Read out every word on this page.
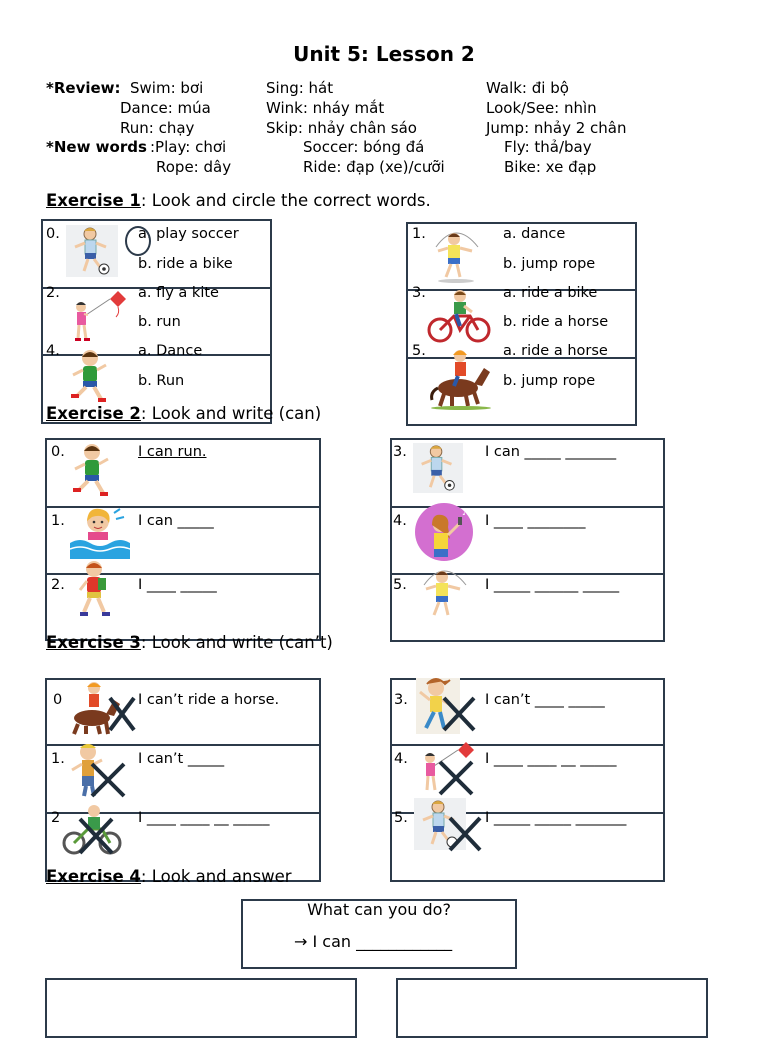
Unit 5: Lesson 2
*Review: Swim: bơi	Sing: hát	Walk: đi bộ
Dance: múa	Wink: nháy mắt	Look/See: nhìn
Run: chạy	Skip: nhảy chân sáo	Jump: nhảy 2 chân
*New words :Play: chơi	Soccer: bóng đá	Fly: thả/bay
Rope: dây	Ride: đạp (xe)/cưỡi	Bike: xe đạp
Exercise 1: Look and circle the correct words.
0.	a. play soccer
b. ride a bike
2.	a. fly a kite
b. run
4.	a. Dance
b. Run
1.	a. dance
b. jump rope
3.	a. ride a bike
b. ride a horse
5.	a. ride a horse
b. jump rope
Exercise 2: Look and write (can)
0.	I can run.
1.	I can _____
2.	I ____ _____
3.	I can _____ _______
4.	I ____ ________
5.	I _____ ______ _____
♪
Exercise 3: Look and write (can’t)
0	I can’t ride a horse.
1.	I can’t _____
2	I ____ ____ __ _____
3.	I can’t ____ _____
4.	I ____ ____ __ _____
5.	I _____ _____ _______
Exercise 4: Look and answer
What can you do?
→ I can ____________
